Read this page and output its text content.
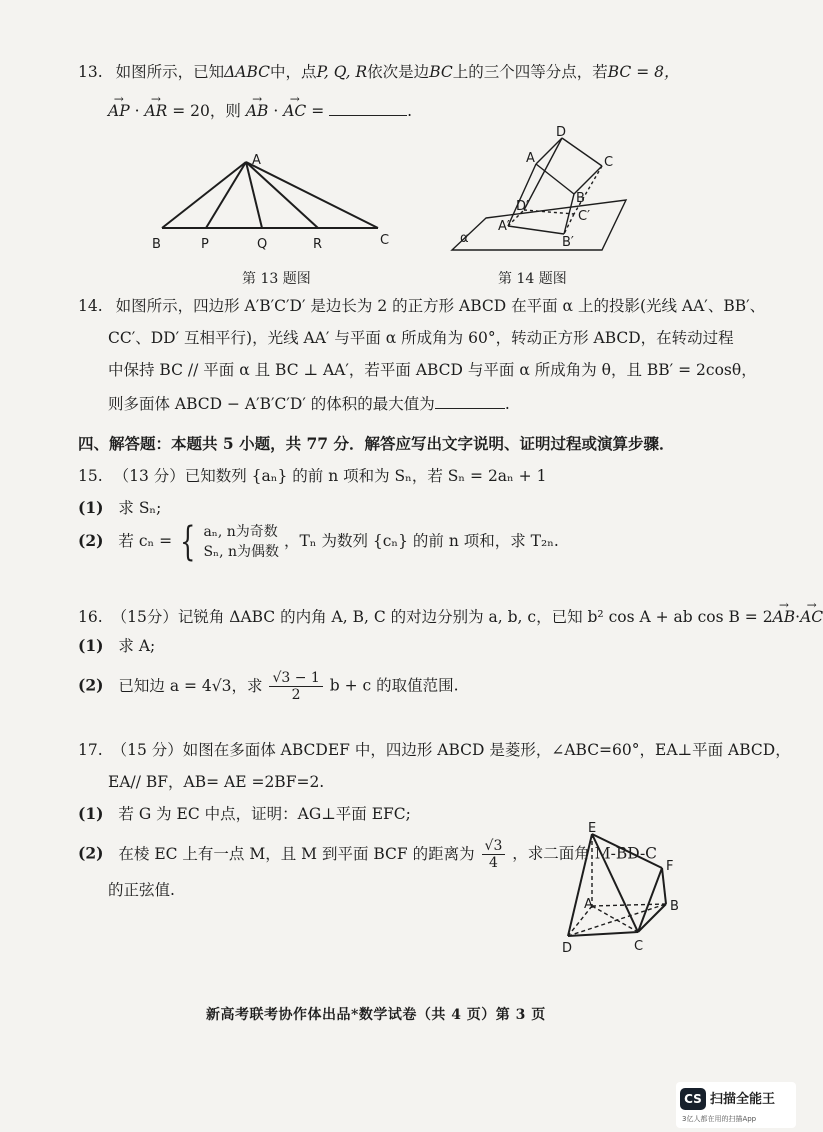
13. 如图所示，已知ΔABC中，点P, Q, R依次是边BC上的三个四等分点，若BC = 8，
→ AP · → AR = 20，则 → AB · → AC =	.
A
B	P	Q	R	C
第 13 题图
D
C
A
B
D′
C′
A′
B′
α
第 14 题图
14. 如图所示，四边形 A′B′C′D′ 是边长为 2 的正方形 ABCD 在平面 α 上的投影(光线 AA′、BB′、
CC′、DD′ 互相平行)，光线 AA′ 与平面 α 所成角为 60°，转动正方形 ABCD，在转动过程
中保持 BC // 平面 α 且 BC ⊥ AA′，若平面 ABCD 与平面 α 所成角为 θ，且 BB′ = 2cosθ，
则多面体 ABCD − A′B′C′D′ 的体积的最大值为	.
四、解答题：本题共 5 小题，共 77 分．解答应写出文字说明、证明过程或演算步骤．
15. （13 分）已知数列 {aₙ} 的前 n 项和为 Sₙ，若 Sₙ = 2aₙ + 1
(1) 求 Sₙ;
(2) 若 cₙ = { aₙ, n为奇数
Sₙ, n为偶数
，Tₙ 为数列 {cₙ} 的前 n 项和，求 T₂ₙ.
16. （15分）记锐角 ΔABC 的内角 A, B, C 的对边分别为 a, b, c，已知 b² cos A + ab cos B = 2→ AB·→ AC
(1) 求 A;
(2) 已知边 a = 4√3，求 $\frac{√3 - 1}{2}$ b + c 的取值范围.
17. （15 分）如图在多面体 ABCDEF 中，四边形 ABCD 是菱形，∠ABC=60°，EA⊥平面 ABCD，
EA// BF，AB= AE =2BF=2.
(1) 若 G 为 EC 中点，证明：AG⊥平面 EFC;
(2) 在棱 EC 上有一点 M，且 M 到平面 BCF 的距离为 $\frac{√3}{4}$ ，求二面角 M-BD-C
的正弦值.
E
F
A	B
D	C
新高考联考协作体出品*数学试卷（共 4 页）第 3 页
CS 扫描全能王
3亿人都在用的扫描App
